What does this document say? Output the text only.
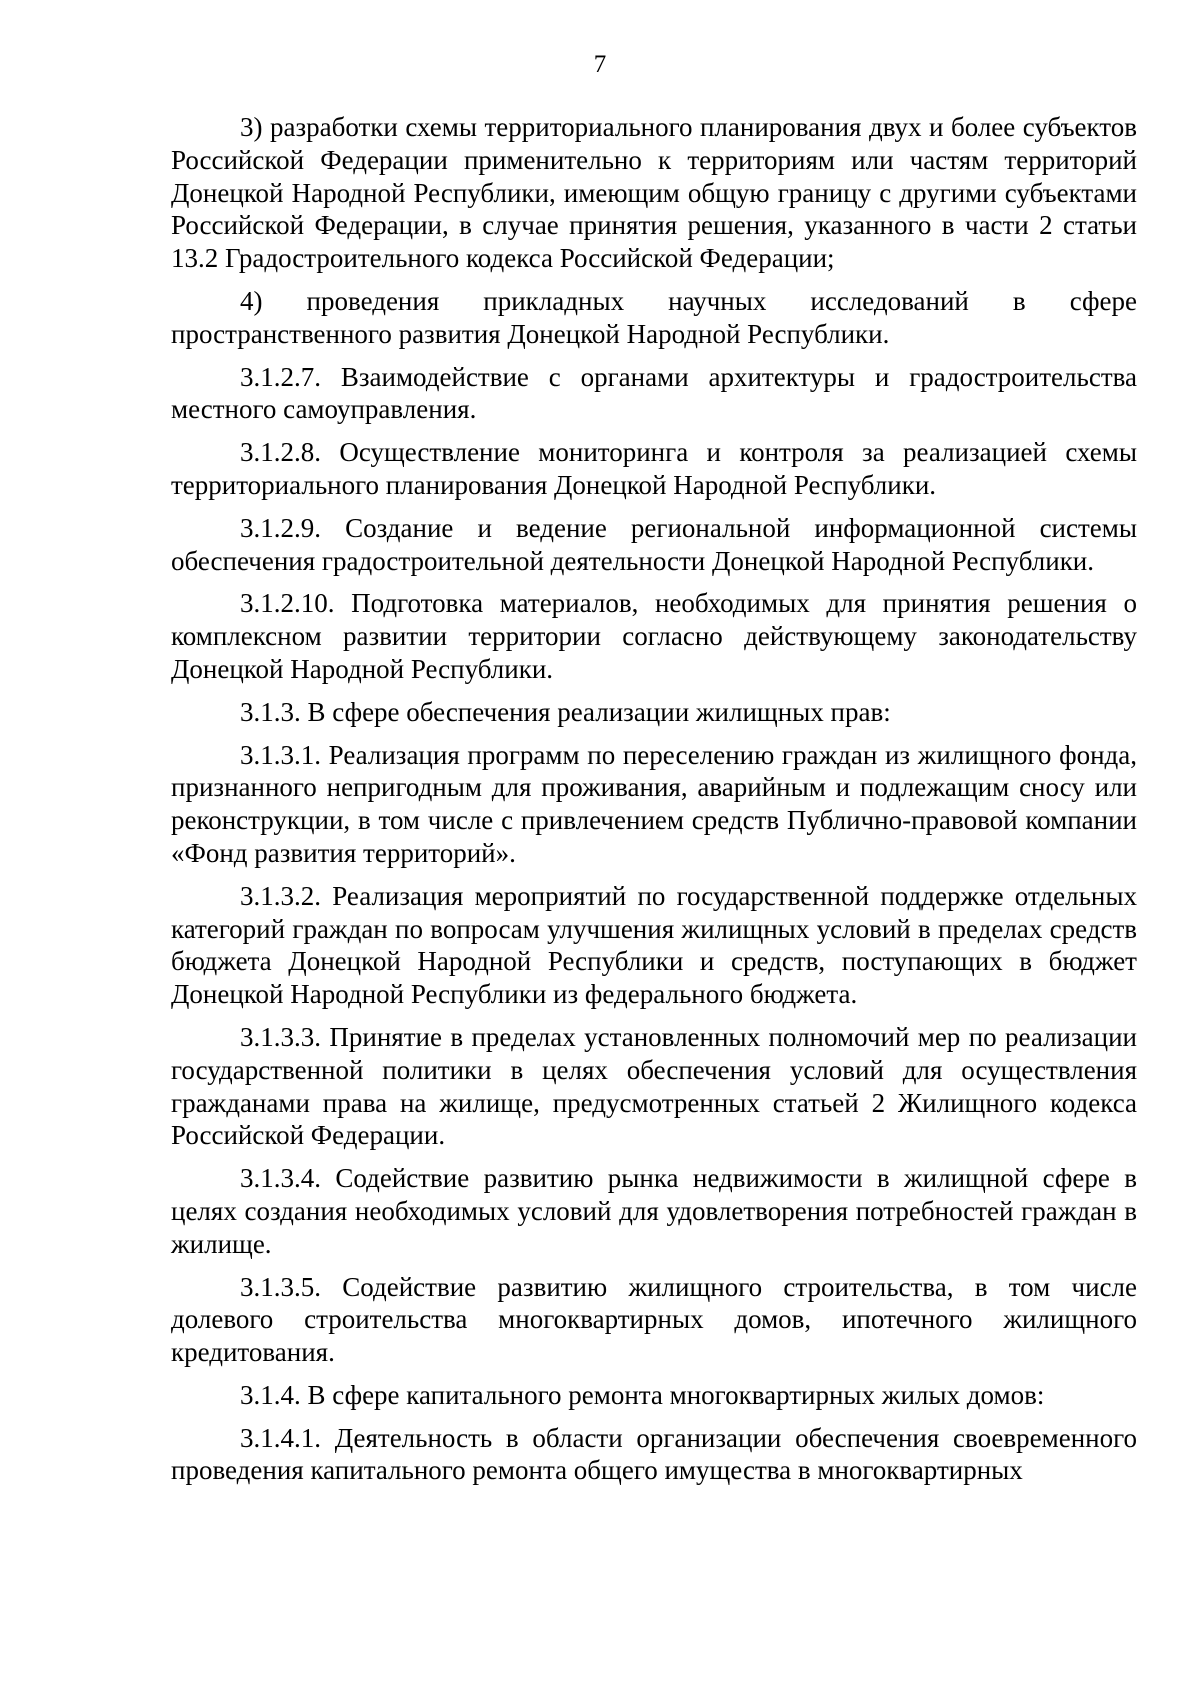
7

3) разработки схемы территориального планирования двух и более субъектов Российской Федерации применительно к территориям или частям территорий Донецкой Народной Республики, имеющим общую границу с другими субъектами Российской Федерации, в случае принятия решения, указанного в части 2 статьи 13.2 Градостроительного кодекса Российской Федерации;

4) проведения прикладных научных исследований в сфере пространственного развития Донецкой Народной Республики.

3.1.2.7. Взаимодействие с органами архитектуры и градостроительства местного самоуправления.

3.1.2.8. Осуществление мониторинга и контроля за реализацией схемы территориального планирования Донецкой Народной Республики.

3.1.2.9. Создание и ведение региональной информационной системы обеспечения градостроительной деятельности Донецкой Народной Республики.

3.1.2.10. Подготовка материалов, необходимых для принятия решения о комплексном развитии территории согласно действующему законодательству Донецкой Народной Республики.

3.1.3. В сфере обеспечения реализации жилищных прав:

3.1.3.1. Реализация программ по переселению граждан из жилищного фонда, признанного непригодным для проживания, аварийным и подлежащим сносу или реконструкции, в том числе с привлечением средств Публично-правовой компании «Фонд развития территорий».

3.1.3.2. Реализация мероприятий по государственной поддержке отдельных категорий граждан по вопросам улучшения жилищных условий в пределах средств бюджета Донецкой Народной Республики и средств, поступающих в бюджет Донецкой Народной Республики из федерального бюджета.

3.1.3.3. Принятие в пределах установленных полномочий мер по реализации государственной политики в целях обеспечения условий для осуществления гражданами права на жилище, предусмотренных статьей 2 Жилищного кодекса Российской Федерации.

3.1.3.4. Содействие развитию рынка недвижимости в жилищной сфере в целях создания необходимых условий для удовлетворения потребностей граждан в жилище.

3.1.3.5. Содействие развитию жилищного строительства, в том числе долевого строительства многоквартирных домов, ипотечного жилищного кредитования.

3.1.4. В сфере капитального ремонта многоквартирных жилых домов:

3.1.4.1. Деятельность в области организации обеспечения своевременного проведения капитального ремонта общего имущества в многоквартирных
